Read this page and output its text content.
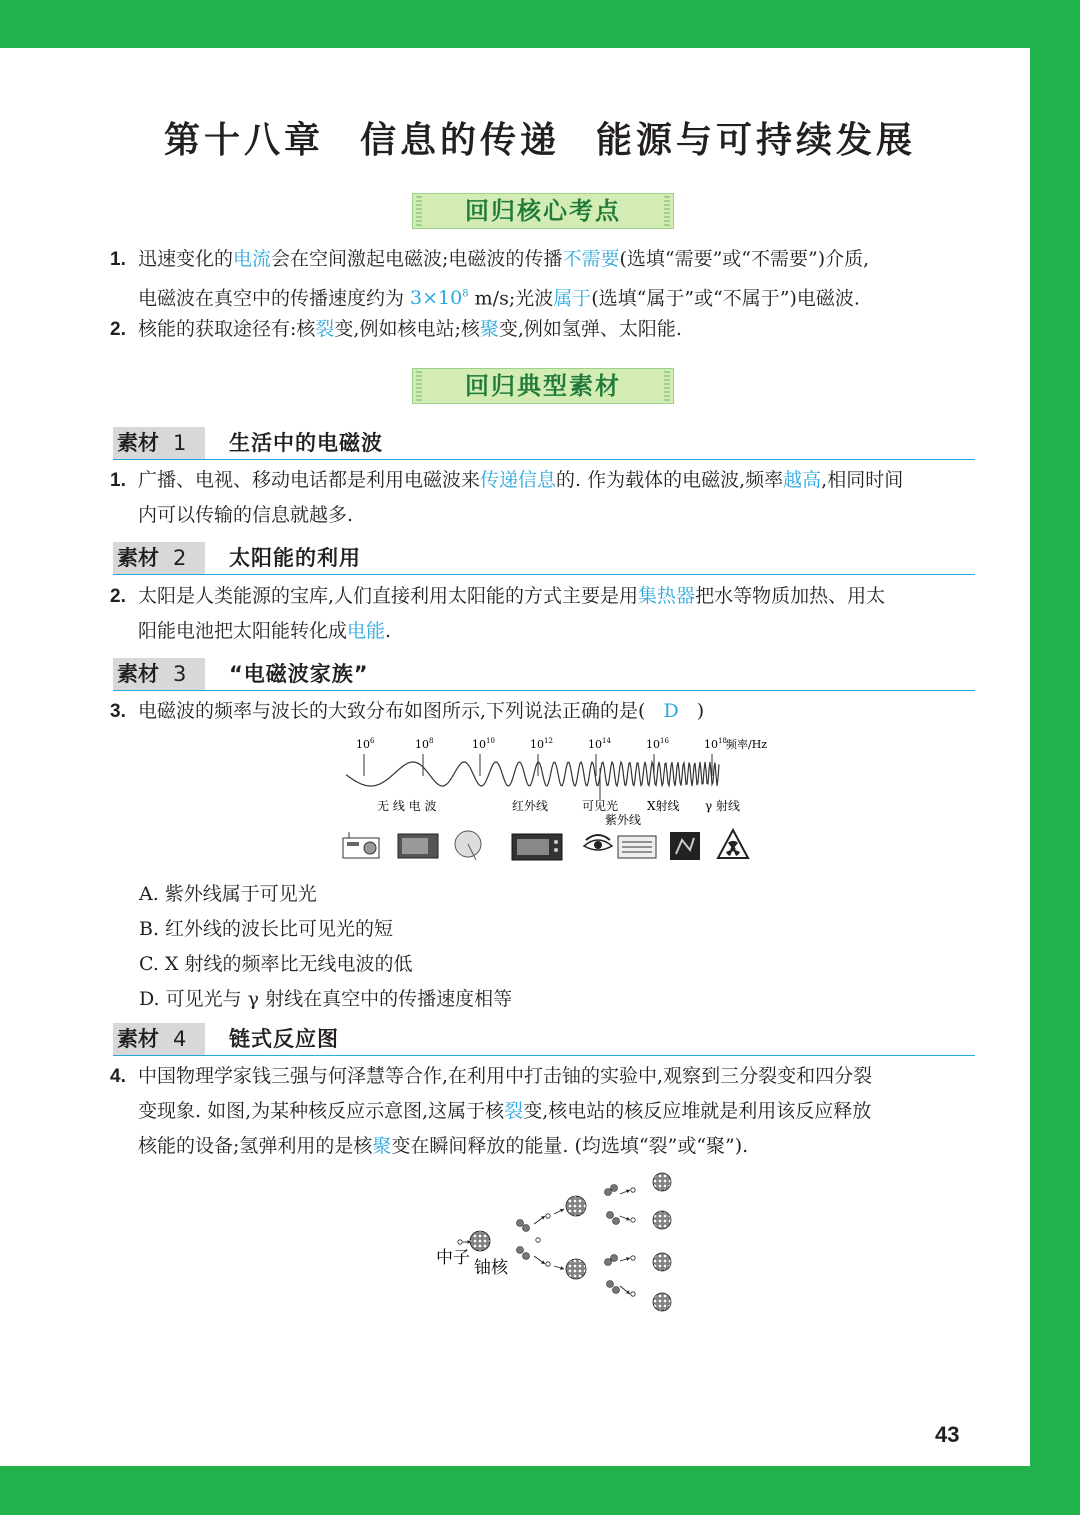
第十八章 信息的传递 能源与可持续发展
回归核心考点
1. 迅速变化的电流会在空间激起电磁波;电磁波的传播不需要(选填“需要”或“不需要”)介质,
电磁波在真空中的传播速度约为 $3\times 10^8$ m/s;光波属于(选填“属于”或“不属于”)电磁波.
2. 核能的获取途径有:核裂变,例如核电站;核聚变,例如氢弹、太阳能.
回归典型素材
素材 1	生活中的电磁波
1. 广播、电视、移动电话都是利用电磁波来传递信息的. 作为载体的电磁波,频率越高,相同时间
内可以传输的信息就越多.
素材 2	太阳能的利用
2. 太阳是人类能源的宝库,人们直接利用太阳能的方式主要是用集热器把水等物质加热、用太
阳能电池把太阳能转化成电能.
素材 3	“电磁波家族”
3. 电磁波的频率与波长的大致分布如图所示,下列说法正确的是( D )
$10^6$	$10^8$	$10^{10}$	$10^{12}$	$10^{14}$	$10^{16}$	$10^{18}$ 频率/Hz
无 线 电 波	红外线	可见光 X射线 γ 射线
紫外线
A. 紫外线属于可见光
B. 红外线的波长比可见光的短
C. X 射线的频率比无线电波的低
D. 可见光与 γ 射线在真空中的传播速度相等
素材 4	链式反应图
4. 中国物理学家钱三强与何泽慧等合作,在利用中打击铀的实验中,观察到三分裂变和四分裂
变现象. 如图,为某种核反应示意图,这属于核裂变,核电站的核反应堆就是利用该反应释放
核能的设备;氢弹利用的是核聚变在瞬间释放的能量. (均选填“裂”或“聚”).
中子 铀核
43
